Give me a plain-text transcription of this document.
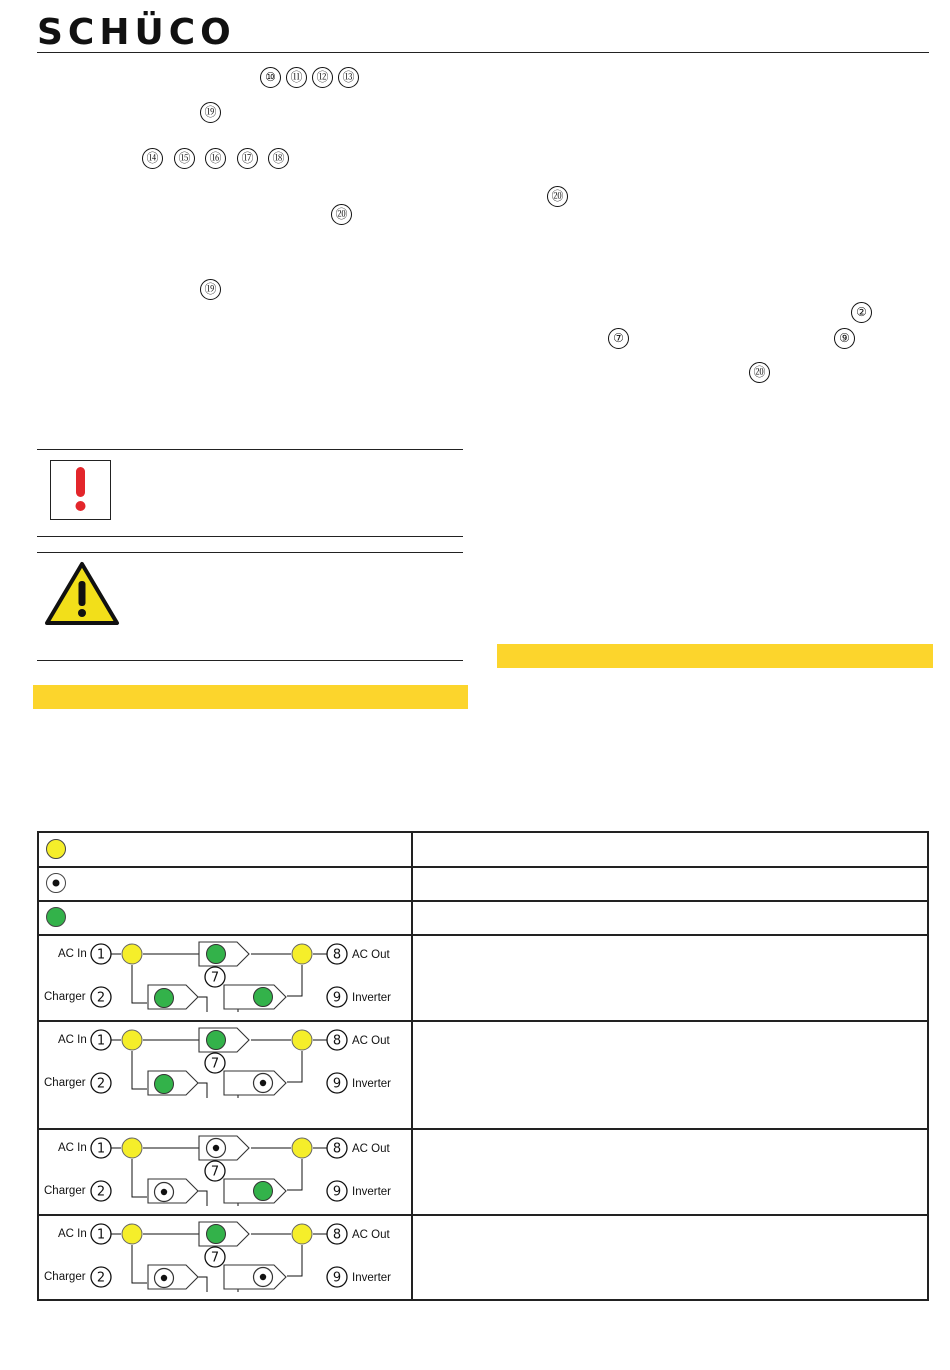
SCHÜCO
⑩	⑪	⑫	⑬
⑲
⑭	⑮	⑯	⑰	⑱
⑳
⑲
⑳
②
⑦	⑨
⑳
AC In
Charger
1
2
8
9
AC Out
Inverter
7
AC In
Charger
1
2
8
9
AC Out
Inverter
7
AC In
Charger
1
2
8
9
AC Out
Inverter
7
AC In
Charger
1
2
8
9
AC Out
Inverter
7
